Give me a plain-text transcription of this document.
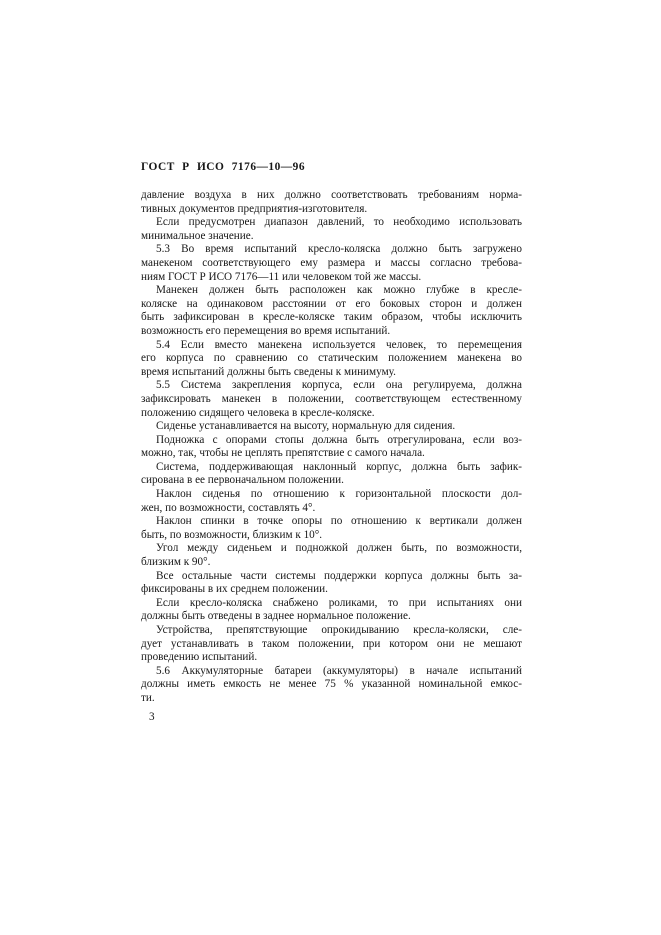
ГОСТ Р ИСО 7176—10—96
давление воздуха в них должно соответствовать требованиям норма-
тивных документов предприятия-изготовителя.
Если предусмотрен диапазон давлений, то необходимо использовать
минимальное значение.
5.3 Во время испытаний кресло-коляска должно быть загружено
манекеном соответствующего ему размера и массы согласно требова-
ниям ГОСТ Р ИСО 7176—11 или человеком той же массы.
Манекен должен быть расположен как можно глубже в кресле-
коляске на одинаковом расстоянии от его боковых сторон и должен
быть зафиксирован в кресле-коляске таким образом, чтобы исключить
возможность его перемещения во время испытаний.
5.4 Если вместо манекена используется человек, то перемещения
его корпуса по сравнению со статическим положением манекена во
время испытаний должны быть сведены к минимуму.
5.5 Система закрепления корпуса, если она регулируема, должна
зафиксировать манекен в положении, соответствующем естественному
положению сидящего человека в кресле-коляске.
Сиденье устанавливается на высоту, нормальную для сидения.
Подножка с опорами стопы должна быть отрегулирована, если воз-
можно, так, чтобы не цеплять препятствие с самого начала.
Система, поддерживающая наклонный корпус, должна быть зафик-
сирована в ее первоначальном положении.
Наклон сиденья по отношению к горизонтальной плоскости дол-
жен, по возможности, составлять 4°.
Наклон спинки в точке опоры по отношению к вертикали должен
быть, по возможности, близким к 10°.
Угол между сиденьем и подножкой должен быть, по возможности,
близким к 90°.
Все остальные части системы поддержки корпуса должны быть за-
фиксированы в их среднем положении.
Если кресло-коляска снабжено роликами, то при испытаниях они
должны быть отведены в заднее нормальное положение.
Устройства, препятствующие опрокидыванию кресла-коляски, сле-
дует устанавливать в таком положении, при котором они не мешают
проведению испытаний.
5.6 Аккумуляторные батареи (аккумуляторы) в начале испытаний
должны иметь емкость не менее 75 % указанной номинальной емкос-
ти.
3
